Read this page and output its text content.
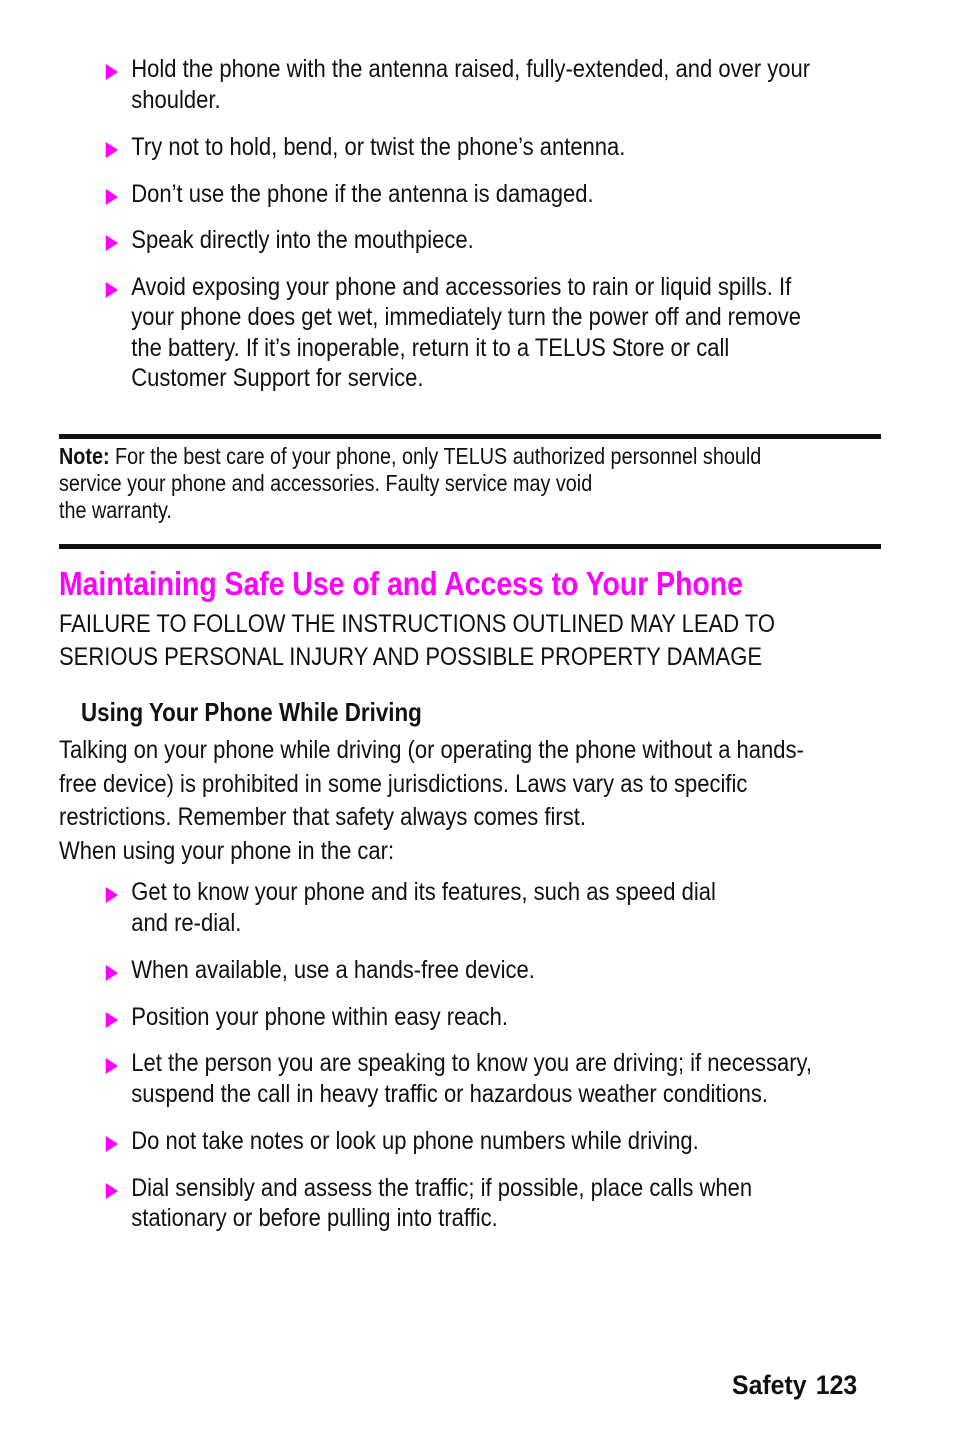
Hold the phone with the antenna raised, fully-extended, and over your
shoulder.
Try not to hold, bend, or twist the phone’s antenna.
Don’t use the phone if the antenna is damaged.
Speak directly into the mouthpiece.
Avoid exposing your phone and accessories to rain or liquid spills. If
your phone does get wet, immediately turn the power off and remove
the battery. If it’s inoperable, return it to a TELUS Store or call
Customer Support for service.
Note: For the best care of your phone, only TELUS authorized personnel should
service your phone and accessories. Faulty service may void
the warranty.
Maintaining Safe Use of and Access to Your Phone
FAILURE TO FOLLOW THE INSTRUCTIONS OUTLINED MAY LEAD TO
SERIOUS PERSONAL INJURY AND POSSIBLE PROPERTY DAMAGE
Using Your Phone While Driving
Talking on your phone while driving (or operating the phone without a hands-
free device) is prohibited in some jurisdictions. Laws vary as to specific
restrictions. Remember that safety always comes first.
When using your phone in the car:
Get to know your phone and its features, such as speed dial
and re-dial.
When available, use a hands-free device.
Position your phone within easy reach.
Let the person you are speaking to know you are driving; if necessary,
suspend the call in heavy traffic or hazardous weather conditions.
Do not take notes or look up phone numbers while driving.
Dial sensibly and assess the traffic; if possible, place calls when
stationary or before pulling into traffic.
Safety 123
